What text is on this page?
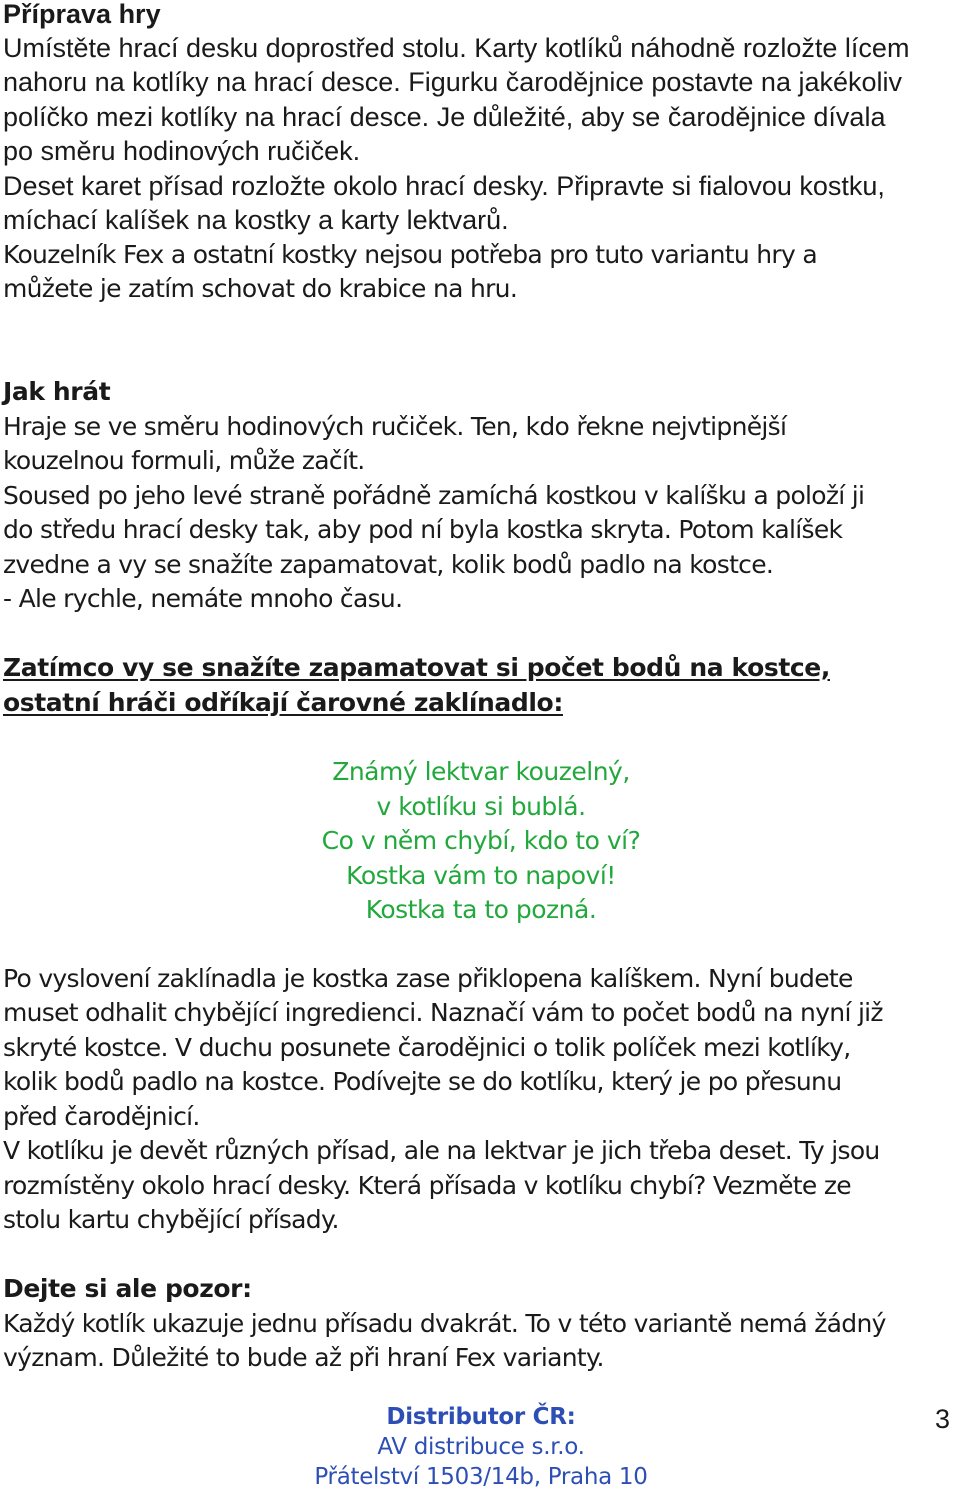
Příprava hry
Umístěte hrací desku doprostřed stolu. Karty kotlíků náhodně rozložte lícem
nahoru na kotlíky na hrací desce. Figurku čarodějnice postavte na jakékoliv
políčko mezi kotlíky na hrací desce. Je důležité, aby se čarodějnice dívala
po směru hodinových ručiček.
Deset karet přísad rozložte okolo hrací desky. Připravte si fialovou kostku,
míchací kalíšek na kostky a karty lektvarů.
Kouzelník Fex a ostatní kostky nejsou potřeba pro tuto variantu hry a
můžete je zatím schovat do krabice na hru.
Jak hrát
Hraje se ve směru hodinových ručiček. Ten, kdo řekne nejvtipnější
kouzelnou formuli, může začít.
Soused po jeho levé straně pořádně zamíchá kostkou v kalíšku a položí ji
do středu hrací desky tak, aby pod ní byla kostka skryta. Potom kalíšek
zvedne a vy se snažíte zapamatovat, kolik bodů padlo na kostce.
- Ale rychle, nemáte mnoho času.
Zatímco vy se snažíte zapamatovat si počet bodů na kostce,
ostatní hráči odříkají čarovné zaklínadlo:
Známý lektvar kouzelný,
v kotlíku si bublá.
Co v něm chybí, kdo to ví?
Kostka vám to napoví!
Kostka ta to pozná.
Po vyslovení zaklínadla je kostka zase přiklopena kalíškem. Nyní budete
muset odhalit chybějící ingredienci. Naznačí vám to počet bodů na nyní již
skryté kostce. V duchu posunete čarodějnici o tolik políček mezi kotlíky,
kolik bodů padlo na kostce. Podívejte se do kotlíku, který je po přesunu
před čarodějnicí.
V kotlíku je devět různých přísad, ale na lektvar je jich třeba deset. Ty jsou
rozmístěny okolo hrací desky. Která přísada v kotlíku chybí? Vezměte ze
stolu kartu chybějící přísady.
Dejte si ale pozor:
Každý kotlík ukazuje jednu přísadu dvakrát. To v této variantě nemá žádný
význam. Důležité to bude až při hraní Fex varianty.
Distributor ČR:
AV distribuce s.r.o.
Přátelství 1503/14b, Praha 10
3
